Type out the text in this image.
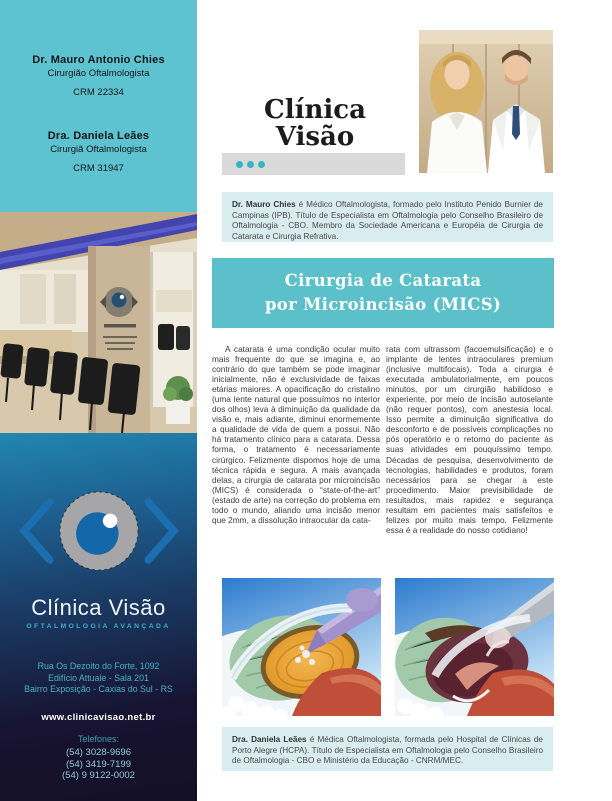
Dr. Mauro Antonio Chies
Cirurgião Oftalmologista
CRM 22334
Dra. Daniela Leães
Cirurgiã Oftalmologista
CRM 31947
Clínica Visão
OFTALMOLOGIA AVANÇADA
Rua Os Dezoito do Forte, 1092
Edifício Attuale - Sala 201
Bairro Exposição - Caxias do Sul - RS
www.clinicavisao.net.br
Telefones:
(54) 3028-9696
(54) 3419-7199
(54) 9 9122-0002
Clínica
Visão
Dr. Mauro Chies é Médico Oftalmologista, formado pelo Instituto Penido Burnier de Campinas (IPB). Título de Especialista em Oftalmologia pelo Conselho Brasileiro de Oftalmologia - CBO. Membro da Sociedade Americana e Européia de Cirurgia de Catarata e Cirurgia Refrativa.
Cirurgia de Catarata
por Microincisão (MICS)
A catarata é uma condição ocular muito mais frequente do que se imagina e, ao contrário do que também se pode imaginar inicialmente, não é exclusividade de faixas etárias maiores. A opacificação do cristalino (uma lente natural que possuímos no interior dos olhos) leva à diminuição da qualidade da visão e, mais adiante, diminui enormemente a qualidade de vida de quem a possui. Não há tratamento clínico para a catarata. Dessa forma, o tratamento é necessariamente cirúrgico. Felizmente dispomos hoje de uma técnica rápida e segura. A mais avançada delas, a cirurgia de catarata por microincisão (MICS) é considerada o “state-of-the-art” (estado de arte) na correção do problema em todo o mundo, aliando uma incisão menor que 2mm, a dissolução intraocular da cata-
rata com ultrassom (facoemulsificação) e o implante de lentes intraoculares premium (inclusive multifocais). Toda a cirurgia é executada ambulatorialmente, em poucos minutos, por um cirurgião habilidoso e experiente, por meio de incisão autoselante (não requer pontos), com anestesia local. Isso permite a diminuição significativa do desconforto e de possíveis complicações no pós operatório e o retorno do paciente às suas atividades em pouquíssimo tempo. Décadas de pesquisa, desenvolvimento de tecnologias, habilidades e produtos, foram necessários para se chegar a este procedimento. Maior previsibilidade de resultados, mais rapidez e segurança resultam em pacientes mais satisfeitos e felizes por muito mais tempo. Felizmente essa é a realidade do nosso cotidiano!
Dra. Daniela Leães é Médica Oftalmologista, formada pelo Hospital de Clínicas de Porto Alegre (HCPA). Título de Especialista em Oftalmologia pelo Conselho Brasileiro de Oftalmologia - CBO e Ministério da Educação - CNRM/MEC.
